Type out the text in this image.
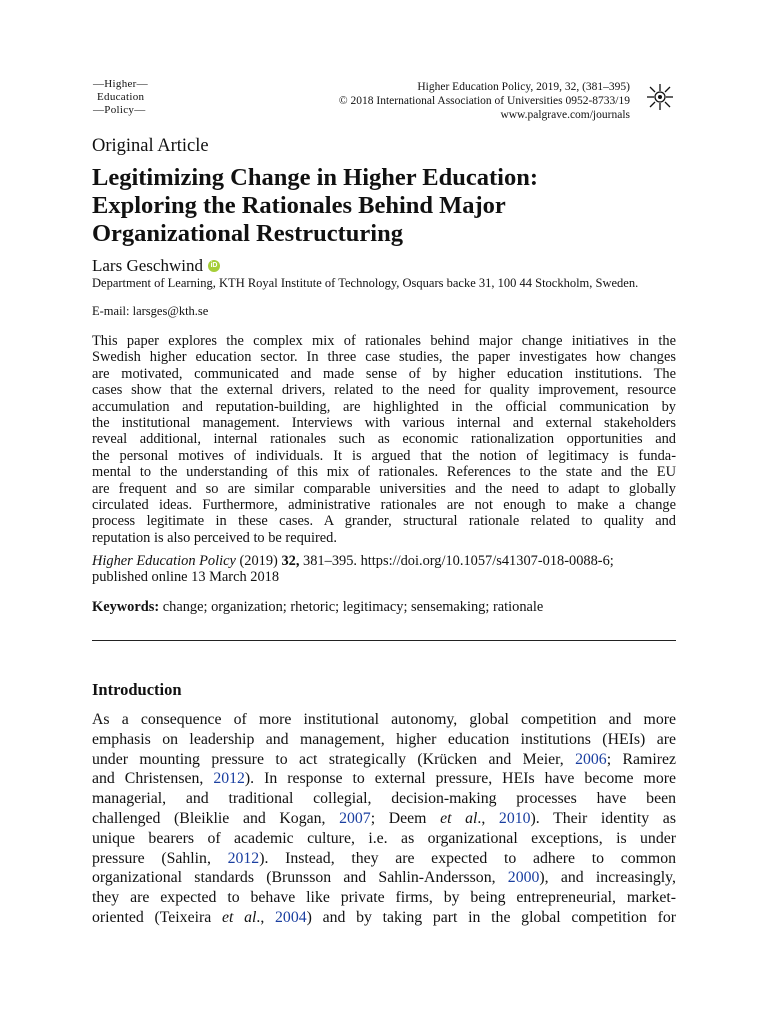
—Higher—
Education
—Policy—
Higher Education Policy, 2019, 32, (381–395)
© 2018 International Association of Universities 0952-8733/19
www.palgrave.com/journals
Original Article
Legitimizing Change in Higher Education:
Exploring the Rationales Behind Major
Organizational Restructuring
Lars Geschwind	iD
Department of Learning, KTH Royal Institute of Technology, Osquars backe 31, 100 44 Stockholm, Sweden.
E-mail: larsges@kth.se
This paper explores the complex mix of rationales behind major change initiatives in the
Swedish higher education sector. In three case studies, the paper investigates how changes
are motivated, communicated and made sense of by higher education institutions. The
cases show that the external drivers, related to the need for quality improvement, resource
accumulation and reputation-building, are highlighted in the official communication by
the institutional management. Interviews with various internal and external stakeholders
reveal additional, internal rationales such as economic rationalization opportunities and
the personal motives of individuals. It is argued that the notion of legitimacy is funda-
mental to the understanding of this mix of rationales. References to the state and the EU
are frequent and so are similar comparable universities and the need to adapt to globally
circulated ideas. Furthermore, administrative rationales are not enough to make a change
process legitimate in these cases. A grander, structural rationale related to quality and
reputation is also perceived to be required.
Higher Education Policy (2019) 32, 381–395. https://doi.org/10.1057/s41307-018-0088-6;
published online 13 March 2018
Keywords: change; organization; rhetoric; legitimacy; sensemaking; rationale
Introduction
As a consequence of more institutional autonomy, global competition and more
emphasis on leadership and management, higher education institutions (HEIs) are
under mounting pressure to act strategically (Krücken and Meier, 2006; Ramirez
and Christensen, 2012). In response to external pressure, HEIs have become more
managerial, and traditional collegial, decision-making processes have been
challenged (Bleiklie and Kogan, 2007; Deem et al., 2010). Their identity as
unique bearers of academic culture, i.e. as organizational exceptions, is under
pressure (Sahlin, 2012). Instead, they are expected to adhere to common
organizational standards (Brunsson and Sahlin-Andersson, 2000), and increasingly,
they are expected to behave like private firms, by being entrepreneurial, market-
oriented (Teixeira et al., 2004) and by taking part in the global competition for
